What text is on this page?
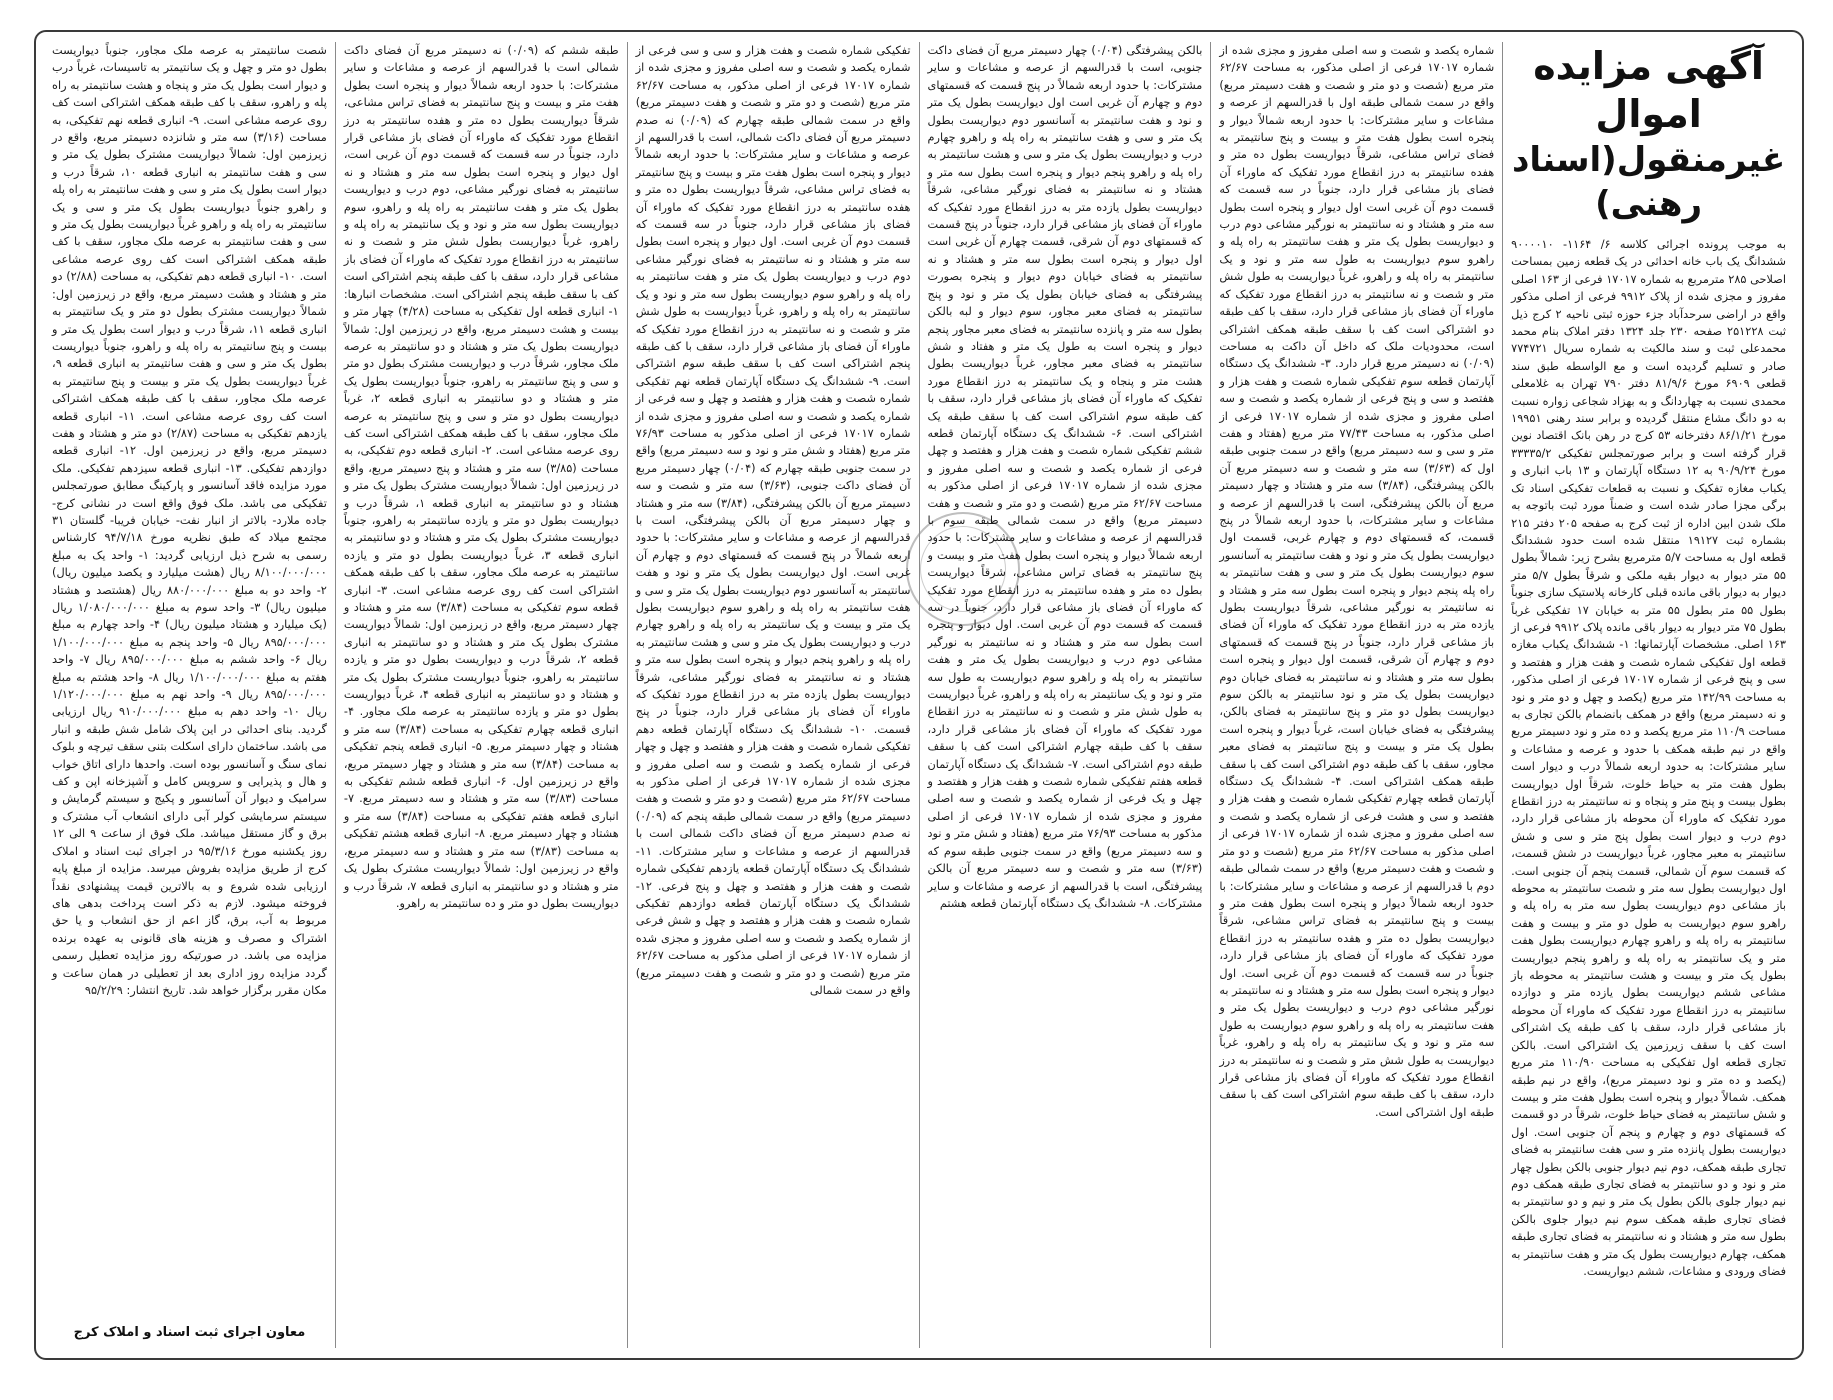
آگهی مزایده اموال
غیرمنقول(اسناد رهنی)

به موجب پرونده اجرائی کلاسه ۶/ ۱۱۶۴- ۹۰۰۰۰۱۰ ششدانگ یک باب خانه احداثی در یک قطعه زمین بمساحت اصلاحی ۲۸۵ مترمربع به شماره ۱۷۰۱۷ فرعی از ۱۶۳ اصلی مفروز و مجزی شده از پلاک ۹۹۱۲ فرعی از اصلی مذکور واقع در اراضی سرحدآباد جزء حوزه ثبتی ناحیه ۲ کرج ذیل ثبت ۲۵۱۲۲۸ صفحه ۲۳۰ جلد ۱۳۲۴ دفتر املاک بنام محمد محمدعلی ثبت و سند مالکیت به شماره سریال ۷۷۴۷۲۱ صادر و تسلیم گردیده است و مع الواسطه طبق سند قطعی ۶۹۰۹ مورخ ۸۱/۹/۶ دفتر ۷۹۰ تهران به غلامعلی محمدی نسبت به چهاردانگ و به بهزاد شجاعی زواره نسبت به دو دانگ مشاع منتقل گردیده و برابر سند رهنی ۱۹۹۵۱ مورخ ۸۶/۱/۲۱ دفترخانه ۵۳ کرج در رهن بانک اقتصاد نوین قرار گرفته است و برابر صورتمجلس تفکیکی ۳۳۳۳۵/۲ مورخ ۹۰/۹/۲۴ به ۱۲ دستگاه آپارتمان و ۱۳ باب انباری و یکباب مغازه تفکیک و نسبت به قطعات تفکیکی اسناد تک برگی مجزا صادر شده است و ضمناً مورد ثبت باتوجه به ملک شدن ابین اداره از ثبت کرج به صفحه ۲۰۵ دفتر ۲۱۵ بشماره ثبت ۱۹۱۲۷ منتقل شده است حدود ششدانگ قطعه اول به مساحت ۵/۷ مترمربع بشرح زیر: شمالاً بطول ۵۵ متر دیوار به دیوار بقیه ملکی و شرقاً بطول ۵/۷ متر دیوار به دیوار باقی مانده قبلی کارخانه پلاستیک سازی جنوباً بطول ۵۵ متر بطول ۵۵ متر به خیابان ۱۷ تفکیکی غرباً بطول ۷۵ متر دیوار به دیوار باقی مانده پلاک ۹۹۱۲ فرعی از ۱۶۳ اصلی. مشخصات آپارتمانها: ۱- ششدانگ یکباب مغازه قطعه اول تفکیکی شماره شصت و هفت هزار و هفتصد و سی و پنج فرعی از شماره ۱۷۰۱۷ فرعی از اصلی مذکور، به مساحت ۱۴۲/۹۹ متر مربع (یکصد و چهل و دو متر و نود و نه دسیمتر مربع) واقع در همکف بانضمام بالکن تجاری به مساحت ۱۱۰/۹ متر مربع یکصد و ده متر و نود دسیمتر مربع واقع در نیم طبقه همکف با حدود و عرصه و مشاعات و سایر مشترکات: به حدود اربعه شمالاً درب و دیوار است بطول هفت متر به حیاط خلوت، شرقاً اول دیواریست بطول بیست و پنج متر و پنجاه و نه سانتیمتر به درز انقطاع مورد تفکیک که ماوراء آن محوطه باز مشاعی قرار دارد، دوم درب و دیوار است بطول پنج متر و سی و شش سانتیمتر به معبر مجاور، غرباً دیواریست در شش قسمت، که قسمت سوم آن شمالی، قسمت پنجم آن جنوبی است. اول دیواریست بطول سه متر و شصت سانتیمتر به محوطه باز مشاعی دوم دیواریست بطول سه متر به راه پله و راهرو سوم دیواریست به طول دو متر و بیست و هفت سانتیمتر به راه پله و راهرو چهارم دیواریست بطول هفت متر و یک سانتیمتر به راه پله و راهرو پنجم دیواریست بطول یک متر و بیست و هشت سانتیمتر به محوطه باز مشاعی ششم دیواریست بطول یازده متر و دوازده سانتیمتر به درز انقطاع مورد تفکیک که ماوراء آن محوطه باز مشاعی قرار دارد، سقف با کف طبقه یک اشتراکی است کف با سقف زیرزمین یک اشتراکی است. بالکن تجاری قطعه اول تفکیکی به مساحت ۱۱۰/۹۰ متر مربع (یکصد و ده متر و نود دسیمتر مربع)، واقع در نیم طبقه همکف. شمالاً دیوار و پنجره است بطول هفت متر و بیست و شش سانتیمتر به فضای حیاط خلوت، شرقاً در دو قسمت که قسمتهای دوم و چهارم و پنجم آن جنوبی است. اول دیواریست بطول پانزده متر و سی هفت سانتیمتر به فضای تجاری طبقه همکف، دوم نیم دیوار جنوبی بالکن بطول چهار متر و نود و دو سانتیمتر به فضای تجاری طبقه همکف دوم نیم دیوار جلوی بالکن بطول یک متر و نیم و دو سانتیمتر به فضای تجاری طبقه همکف سوم نیم دیوار جلوی بالکن بطول سه متر و هشتاد و نه سانتیمتر به فضای تجاری طبقه همکف، چهارم دیواریست بطول یک متر و هفت سانتیمتر به فضای ورودی و مشاعات، ششم دیواریست.

شماره یکصد و شصت و سه اصلی مفروز و مجزی شده از شماره ۱۷۰۱۷ فرعی از اصلی مذکور، به مساحت ۶۲/۶۷ متر مربع (شصت و دو متر و شصت و هفت دسیمتر مربع) واقع در سمت شمالی طبقه اول با قدرالسهم از عرصه و مشاعات و سایر مشترکات: با حدود اربعه شمالاً دیوار و پنجره است بطول هفت متر و بیست و پنج سانتیمتر به فضای تراس مشاعی، شرقاً دیواریست بطول ده متر و هفده سانتیمتر به درز انقطاع مورد تفکیک که ماوراء آن فضای باز مشاعی قرار دارد، جنوباً در سه قسمت که قسمت دوم آن غربی است اول دیوار و پنجره است بطول سه متر و هشتاد و نه سانتیمتر به نورگیر مشاعی دوم درب و دیواریست بطول یک متر و هفت سانتیمتر به راه پله و راهرو سوم دیواریست به طول سه متر و نود و یک سانتیمتر به راه پله و راهرو، غرباً دیواریست به طول شش متر و شصت و نه سانتیمتر به درز انقطاع مورد تفکیک که ماوراء آن فضای باز مشاعی قرار دارد، سقف با کف طبقه دو اشتراکی است کف با سقف طبقه همکف اشتراکی است، محدودیات ملک که داخل آن داکت به مساحت (۰/۰۹) نه دسیمتر مربع قرار دارد. ۳- ششدانگ یک دستگاه آپارتمان قطعه سوم تفکیکی شماره شصت و هفت هزار و هفتصد و سی و پنج فرعی از شماره یکصد و شصت و سه اصلی مفروز و مجزی شده از شماره ۱۷۰۱۷ فرعی از اصلی مذکور، به مساحت ۷۷/۴۳ متر مربع (هفتاد و هفت متر و سی و سه دسیمتر مربع) واقع در سمت جنوبی طبقه اول که (۳/۶۳) سه متر و شصت و سه دسیمتر مربع آن بالکن پیشرفتگی، (۳/۸۴) سه متر و هشتاد و چهار دسیمتر مربع آن بالکن پیشرفتگی، است با قدرالسهم از عرصه و مشاعات و سایر مشترکات، با حدود اربعه شمالاً در پنج قسمت، که قسمتهای دوم و چهارم غربی، قسمت اول دیواریست بطول یک متر و نود و هفت سانتیمتر به آسانسور سوم دیواریست بطول یک متر و سی و هفت سانتیمتر به راه پله پنجم دیوار و پنجره است بطول سه متر و هشتاد و نه سانتیمتر به نورگیر مشاعی، شرقاً دیواریست بطول یازده متر به درز انقطاع مورد تفکیک که ماوراء آن فضای باز مشاعی قرار دارد، جنوباً در پنج قسمت که قسمتهای دوم و چهارم آن شرقی، قسمت اول دیوار و پنجره است بطول سه متر و هشتاد و نه سانتیمتر به فضای خیابان دوم دیواریست بطول یک متر و نود سانتیمتر به بالکن سوم دیواریست بطول دو متر و پنج سانتیمتر به فضای بالکن، پیشرفتگی به فضای خیابان است، غرباً دیوار و پنجره است بطول یک متر و بیست و پنج سانتیمتر به فضای معبر مجاور، سقف با کف طبقه دوم اشتراکی است کف با سقف طبقه همکف اشتراکی است. ۴- ششدانگ یک دستگاه آپارتمان قطعه چهارم تفکیکی شماره شصت و هفت هزار و هفتصد و سی و هشت فرعی از شماره یکصد و شصت و سه اصلی مفروز و مجزی شده از شماره ۱۷۰۱۷ فرعی از اصلی مذکور به مساحت ۶۲/۶۷ متر مربع (شصت و دو متر و شصت و هفت دسیمتر مربع) واقع در سمت شمالی طبقه دوم با قدرالسهم از عرصه و مشاعات و سایر مشترکات: با حدود اربعه شمالاً دیوار و پنجره است بطول هفت متر و بیست و پنج سانتیمتر به فضای تراس مشاعی، شرقاً دیواریست بطول ده متر و هفده سانتیمتر به درز انقطاع مورد تفکیک که ماوراء آن فضای باز مشاعی قرار دارد، جنوباً در سه قسمت که قسمت دوم آن غربی است. اول دیوار و پنجره است بطول سه متر و هشتاد و نه سانتیمتر به نورگیر مشاعی دوم درب و دیواریست بطول یک متر و هفت سانتیمتر به راه پله و راهرو سوم دیواریست به طول سه متر و نود و یک سانتیمتر به راه پله و راهرو، غرباً دیواریست به طول شش متر و شصت و نه سانتیمتر به درز انقطاع مورد تفکیک که ماوراء آن فضای باز مشاعی قرار دارد، سقف با کف طبقه سوم اشتراکی است کف با سقف طبقه اول اشتراکی است.

بالکن پیشرفتگی (۰/۰۴) چهار دسیمتر مربع آن فضای داکت جنوبی، است با قدرالسهم از عرصه و مشاعات و سایر مشترکات: با حدود اربعه شمالاً در پنج قسمت که قسمتهای دوم و چهارم آن غربی است اول دیواریست بطول یک متر و نود و هفت سانتیمتر به آسانسور دوم دیواریست بطول یک متر و سی و هفت سانتیمتر به راه پله و راهرو چهارم درب و دیواریست بطول یک متر و سی و هشت سانتیمتر به راه پله و راهرو پنجم دیوار و پنجره است بطول سه متر و هشتاد و نه سانتیمتر به فضای نورگیر مشاعی، شرقاً دیواریست بطول یازده متر به درز انقطاع مورد تفکیک که ماوراء آن فضای باز مشاعی قرار دارد، جنوباً در پنج قسمت که قسمتهای دوم آن شرقی، قسمت چهارم آن غربی است اول دیوار و پنجره است بطول سه متر و هشتاد و نه سانتیمتر به فضای خیابان دوم دیوار و پنجره بصورت پیشرفتگی به فضای خیابان بطول یک متر و نود و پنج سانتیمتر به فضای معبر مجاور، سوم دیوار و لبه بالکن بطول سه متر و پانزده سانتیمتر به فضای معبر مجاور پنجم دیوار و پنجره است به طول یک متر و هفتاد و شش سانتیمتر به فضای معبر مجاور، غرباً دیواریست بطول هشت متر و پنجاه و یک سانتیمتر به درز انقطاع مورد تفکیک که ماوراء آن فضای باز مشاعی قرار دارد، سقف با کف طبقه سوم اشتراکی است کف با سقف طبقه یک اشتراکی است. ۶- ششدانگ یک دستگاه آپارتمان قطعه ششم تفکیکی شماره شصت و هفت هزار و هفتصد و چهل فرعی از شماره یکصد و شصت و سه اصلی مفروز و مجزی شده از شماره ۱۷۰۱۷ فرعی از اصلی مذکور به مساحت ۶۲/۶۷ متر مربع (شصت و دو متر و شصت و هفت دسیمتر مربع) واقع در سمت شمالی طبقه سوم با قدرالسهم از عرصه و مشاعات و سایر مشترکات: با حدود اربعه شمالاً دیوار و پنجره است بطول هفت متر و بیست و پنج سانتیمتر به فضای تراس مشاعی، شرقاً دیواریست بطول ده متر و هفده سانتیمتر به درز انقطاع مورد تفکیک که ماوراء آن فضای باز مشاعی قرار دارد، جنوباً در سه قسمت که قسمت دوم آن غربی است. اول دیوار و پنجره است بطول سه متر و هشتاد و نه سانتیمتر به نورگیر مشاعی دوم درب و دیواریست بطول یک متر و هفت سانتیمتر به راه پله و راهرو سوم دیواریست به طول سه متر و نود و یک سانتیمتر به راه پله و راهرو، غرباً دیواریست به طول شش متر و شصت و نه سانتیمتر به درز انقطاع مورد تفکیک که ماوراء آن فضای باز مشاعی قرار دارد، سقف با کف طبقه چهارم اشتراکی است کف با سقف طبقه دوم اشتراکی است. ۷- ششدانگ یک دستگاه آپارتمان قطعه هفتم تفکیکی شماره شصت و هفت هزار و هفتصد و چهل و یک فرعی از شماره یکصد و شصت و سه اصلی مفروز و مجزی شده از شماره ۱۷۰۱۷ فرعی از اصلی مذکور به مساحت ۷۶/۹۳ متر مربع (هفتاد و شش متر و نود و سه دسیمتر مربع) واقع در سمت جنوبی طبقه سوم که (۳/۶۳) سه متر و شصت و سه دسیمتر مربع آن بالکن پیشرفتگی، است با قدرالسهم از عرصه و مشاعات و سایر مشترکات. ۸- ششدانگ یک دستگاه آپارتمان قطعه هشتم

تفکیکی شماره شصت و هفت هزار و سی و سی فرعی از شماره یکصد و شصت و سه اصلی مفروز و مجزی شده از شماره ۱۷۰۱۷ فرعی از اصلی مذکور، به مساحت ۶۲/۶۷ متر مربع (شصت و دو متر و شصت و هفت دسیمتر مربع) واقع در سمت شمالی طبقه چهارم که (۰/۰۹) نه صدم دسیمتر مربع آن فضای داکت شمالی، است با قدرالسهم از عرصه و مشاعات و سایر مشترکات: با حدود اربعه شمالاً دیوار و پنجره است بطول هفت متر و بیست و پنج سانتیمتر به فضای تراس مشاعی، شرقاً دیواریست بطول ده متر و هفده سانتیمتر به درز انقطاع مورد تفکیک که ماوراء آن فضای باز مشاعی قرار دارد، جنوباً در سه قسمت که قسمت دوم آن غربی است. اول دیوار و پنجره است بطول سه متر و هشتاد و نه سانتیمتر به فضای نورگیر مشاعی دوم درب و دیواریست بطول یک متر و هفت سانتیمتر به راه پله و راهرو سوم دیواریست بطول سه متر و نود و یک سانتیمتر به راه پله و راهرو، غرباً دیواریست به طول شش متر و شصت و نه سانتیمتر به درز انقطاع مورد تفکیک که ماوراء آن فضای باز مشاعی قرار دارد، سقف با کف طبقه پنجم اشتراکی است کف با سقف طبقه سوم اشتراکی است. ۹- ششدانگ یک دستگاه آپارتمان قطعه نهم تفکیکی شماره شصت و هفت هزار و هفتصد و چهل و سه فرعی از شماره یکصد و شصت و سه اصلی مفروز و مجزی شده از شماره ۱۷۰۱۷ فرعی از اصلی مذکور به مساحت ۷۶/۹۳ متر مربع (هفتاد و شش متر و نود و سه دسیمتر مربع) واقع در سمت جنوبی طبقه چهارم که (۰/۰۴) چهار دسیمتر مربع آن فضای داکت جنوبی، (۳/۶۳) سه متر و شصت و سه دسیمتر مربع آن بالکن پیشرفتگی، (۳/۸۴) سه متر و هشتاد و چهار دسیمتر مربع آن بالکن پیشرفتگی، است با قدرالسهم از عرصه و مشاعات و سایر مشترکات: با حدود اربعه شمالاً در پنج قسمت که قسمتهای دوم و چهارم آن غربی است. اول دیواریست بطول یک متر و نود و هفت سانتیمتر به آسانسور دوم دیواریست بطول یک متر و سی و هفت سانتیمتر به راه پله و راهرو سوم دیواریست بطول یک متر و بیست و یک سانتیمتر به راه پله و راهرو چهارم درب و دیواریست بطول یک متر و سی و هشت سانتیمتر به راه پله و راهرو پنجم دیوار و پنجره است بطول سه متر و هشتاد و نه سانتیمتر به فضای نورگیر مشاعی، شرقاً دیواریست بطول یازده متر به درز انقطاع مورد تفکیک که ماوراء آن فضای باز مشاعی قرار دارد، جنوباً در پنج قسمت. ۱۰- ششدانگ یک دستگاه آپارتمان قطعه دهم تفکیکی شماره شصت و هفت هزار و هفتصد و چهل و چهار فرعی از شماره یکصد و شصت و سه اصلی مفروز و مجزی شده از شماره ۱۷۰۱۷ فرعی از اصلی مذکور به مساحت ۶۲/۶۷ متر مربع (شصت و دو متر و شصت و هفت دسیمتر مربع) واقع در سمت شمالی طبقه پنجم که (۰/۰۹) نه صدم دسیمتر مربع آن فضای داکت شمالی است با قدرالسهم از عرصه و مشاعات و سایر مشترکات. ۱۱- ششدانگ یک دستگاه آپارتمان قطعه یازدهم تفکیکی شماره شصت و هفت هزار و هفتصد و چهل و پنج فرعی. ۱۲- ششدانگ یک دستگاه آپارتمان قطعه دوازدهم تفکیکی شماره شصت و هفت هزار و هفتصد و چهل و شش فرعی از شماره یکصد و شصت و سه اصلی مفروز و مجزی شده از شماره ۱۷۰۱۷ فرعی از اصلی مذکور به مساحت ۶۲/۶۷ متر مربع (شصت و دو متر و شصت و هفت دسیمتر مربع) واقع در سمت شمالی

طبقه ششم که (۰/۰۹) نه دسیمتر مربع آن فضای داکت شمالی است با قدرالسهم از عرصه و مشاعات و سایر مشترکات: با حدود اربعه شمالاً دیوار و پنجره است بطول هفت متر و بیست و پنج سانتیمتر به فضای تراس مشاعی، شرقاً دیواریست بطول ده متر و هفده سانتیمتر به درز انقطاع مورد تفکیک که ماوراء آن فضای باز مشاعی قرار دارد، جنوباً در سه قسمت که قسمت دوم آن غربی است، اول دیوار و پنجره است بطول سه متر و هشتاد و نه سانتیمتر به فضای نورگیر مشاعی، دوم درب و دیواریست بطول یک متر و هفت سانتیمتر به راه پله و راهرو، سوم دیواریست بطول سه متر و نود و یک سانتیمتر به راه پله و راهرو، غرباً دیواریست بطول شش متر و شصت و نه سانتیمتر به درز انقطاع مورد تفکیک که ماوراء آن فضای باز مشاعی قرار دارد، سقف با کف طبقه پنجم اشتراکی است کف با سقف طبقه پنجم اشتراکی است. مشخصات انبارها: ۱- انباری قطعه اول تفکیکی به مساحت (۴/۲۸) چهار متر و بیست و هشت دسیمتر مربع، واقع در زیرزمین اول: شمالاً دیواریست بطول یک متر و هشتاد و دو سانتیمتر به عرصه ملک مجاور، شرقاً درب و دیواریست مشترک بطول دو متر و سی و پنج سانتیمتر به راهرو، جنوباً دیواریست بطول یک متر و هشتاد و دو سانتیمتر به انباری قطعه ۲، غرباً دیواریست بطول دو متر و سی و پنج سانتیمتر به عرصه ملک مجاور، سقف با کف طبقه همکف اشتراکی است کف روی عرصه مشاعی است. ۲- انباری قطعه دوم تفکیکی، به مساحت (۳/۸۵) سه متر و هشتاد و پنج دسیمتر مربع، واقع در زیرزمین اول: شمالاً دیواریست مشترک بطول یک متر و هشتاد و دو سانتیمتر به انباری قطعه ۱، شرقاً درب و دیواریست بطول دو متر و یازده سانتیمتر به راهرو، جنوباً دیواریست مشترک بطول یک متر و هشتاد و دو سانتیمتر به انباری قطعه ۳، غرباً دیواریست بطول دو متر و یازده سانتیمتر به عرصه ملک مجاور، سقف با کف طبقه همکف اشتراکی است کف روی عرصه مشاعی است. ۳- انباری قطعه سوم تفکیکی به مساحت (۳/۸۴) سه متر و هشتاد و چهار دسیمتر مربع، واقع در زیرزمین اول: شمالاً دیواریست مشترک بطول یک متر و هشتاد و دو سانتیمتر به انباری قطعه ۲، شرقاً درب و دیواریست بطول دو متر و یازده سانتیمتر به راهرو، جنوباً دیواریست مشترک بطول یک متر و هشتاد و دو سانتیمتر به انباری قطعه ۴، غرباً دیواریست بطول دو متر و یازده سانتیمتر به عرصه ملک مجاور. ۴- انباری قطعه چهارم تفکیکی به مساحت (۳/۸۴) سه متر و هشتاد و چهار دسیمتر مربع. ۵- انباری قطعه پنجم تفکیکی به مساحت (۳/۸۴) سه متر و هشتاد و چهار دسیمتر مربع، واقع در زیرزمین اول. ۶- انباری قطعه ششم تفکیکی به مساحت (۳/۸۳) سه متر و هشتاد و سه دسیمتر مربع. ۷- انباری قطعه هفتم تفکیکی به مساحت (۳/۸۴) سه متر و هشتاد و چهار دسیمتر مربع. ۸- انباری قطعه هشتم تفکیکی به مساحت (۳/۸۳) سه متر و هشتاد و سه دسیمتر مربع، واقع در زیرزمین اول: شمالاً دیواریست مشترک بطول یک متر و هشتاد و دو سانتیمتر به انباری قطعه ۷، شرقاً درب و دیواریست بطول دو متر و ده سانتیمتر به راهرو.

شصت سانتیمتر به عرصه ملک مجاور، جنوباً دیواریست بطول دو متر و چهل و یک سانتیمتر به تاسیسات، غرباً درب و دیوار است بطول یک متر و پنجاه و هشت سانتیمتر به راه پله و راهرو، سقف با کف طبقه همکف اشتراکی است کف روی عرصه مشاعی است. ۹- انباری قطعه نهم تفکیکی، به مساحت (۳/۱۶) سه متر و شانزده دسیمتر مربع، واقع در زیرزمین اول: شمالاً دیواریست مشترک بطول یک متر و سی و هفت سانتیمتر به انباری قطعه ۱۰، شرقاً درب و دیوار است بطول یک متر و سی و هفت سانتیمتر به راه پله و راهرو جنوباً دیواریست بطول یک متر و سی و یک سانتیمتر به راه پله و راهرو غرباً دیواریست بطول یک متر و سی و هفت سانتیمتر به عرصه ملک مجاور، سقف با کف طبقه همکف اشتراکی است کف روی عرصه مشاعی است. ۱۰- انباری قطعه دهم تفکیکی، به مساحت (۲/۸۸) دو متر و هشتاد و هشت دسیمتر مربع، واقع در زیرزمین اول: شمالاً دیواریست مشترک بطول دو متر و یک سانتیمتر به انباری قطعه ۱۱، شرقاً درب و دیوار است بطول یک متر و بیست و پنج سانتیمتر به راه پله و راهرو، جنوباً دیواریست بطول یک متر و سی و هفت سانتیمتر به انباری قطعه ۹، غرباً دیواریست بطول یک متر و بیست و پنج سانتیمتر به عرصه ملک مجاور، سقف با کف طبقه همکف اشتراکی است کف روی عرصه مشاعی است. ۱۱- انباری قطعه یازدهم تفکیکی به مساحت (۲/۸۷) دو متر و هشتاد و هفت دسیمتر مربع، واقع در زیرزمین اول. ۱۲- انباری قطعه دوازدهم تفکیکی. ۱۳- انباری قطعه سیزدهم تفکیکی. ملک مورد مزایده فاقد آسانسور و پارکینگ مطابق صورتمجلس تفکیکی می باشد. ملک فوق واقع است در نشانی کرج- جاده ملارد- بالاتر از انبار نفت- خیابان فریبا- گلستان ۳۱ مجتمع میلاد که طبق نظریه مورخ ۹۴/۷/۱۸ کارشناس رسمی به شرح ذیل ارزیابی گردید: ۱- واحد یک به مبلغ ۸/۱۰۰/۰۰۰/۰۰۰ ریال (هشت میلیارد و یکصد میلیون ریال) ۲- واحد دو به مبلغ ۸۸۰/۰۰۰/۰۰۰ ریال (هشتصد و هشتاد میلیون ریال) ۳- واحد سوم به مبلغ ۱/۰۸۰/۰۰۰/۰۰۰ ریال (یک میلیارد و هشتاد میلیون ریال) ۴- واحد چهارم به مبلغ ۸۹۵/۰۰۰/۰۰۰ ریال ۵- واحد پنجم به مبلغ ۱/۱۰۰/۰۰۰/۰۰۰ ریال ۶- واحد ششم به مبلغ ۸۹۵/۰۰۰/۰۰۰ ریال ۷- واحد هفتم به مبلغ ۱/۱۰۰/۰۰۰/۰۰۰ ریال ۸- واحد هشتم به مبلغ ۸۹۵/۰۰۰/۰۰۰ ریال ۹- واحد نهم به مبلغ ۱/۱۲۰/۰۰۰/۰۰۰ ریال ۱۰- واحد دهم به مبلغ ۹۱۰/۰۰۰/۰۰۰ ریال ارزیابی گردید. بنای احداثی در این پلاک شامل شش طبقه و انبار می باشد. ساختمان دارای اسکلت بتنی سقف تیرچه و بلوک نمای سنگ و آسانسور بوده است. واحدها دارای اتاق خواب و هال و پذیرایی و سرویس کامل و آشپزخانه اپن و کف سرامیک و دیوار آن آسانسور و پکیج و سیستم گرمایش و سیستم سرمایشی کولر آبی دارای انشعاب آب مشترک و برق و گاز مستقل میباشد. ملک فوق از ساعت ۹ الی ۱۲ روز یکشنبه مورخ ۹۵/۳/۱۶ در اجرای ثبت اسناد و املاک کرج از طریق مزایده بفروش میرسد. مزایده از مبلغ پایه ارزیابی شده شروع و به بالاترین قیمت پیشنهادی نقداً فروخته میشود. لازم به ذکر است پرداخت بدهی های مربوط به آب، برق، گاز اعم از حق انشعاب و یا حق اشتراک و مصرف و هزینه های قانونی به عهده برنده مزایده می باشد. در صورتیکه روز مزایده تعطیل رسمی گردد مزایده روز اداری بعد از تعطیلی در همان ساعت و مکان مقرر برگزار خواهد شد. تاریخ انتشار: ۹۵/۲/۲۹

معاون اجرای ثبت اسناد و املاک کرج
